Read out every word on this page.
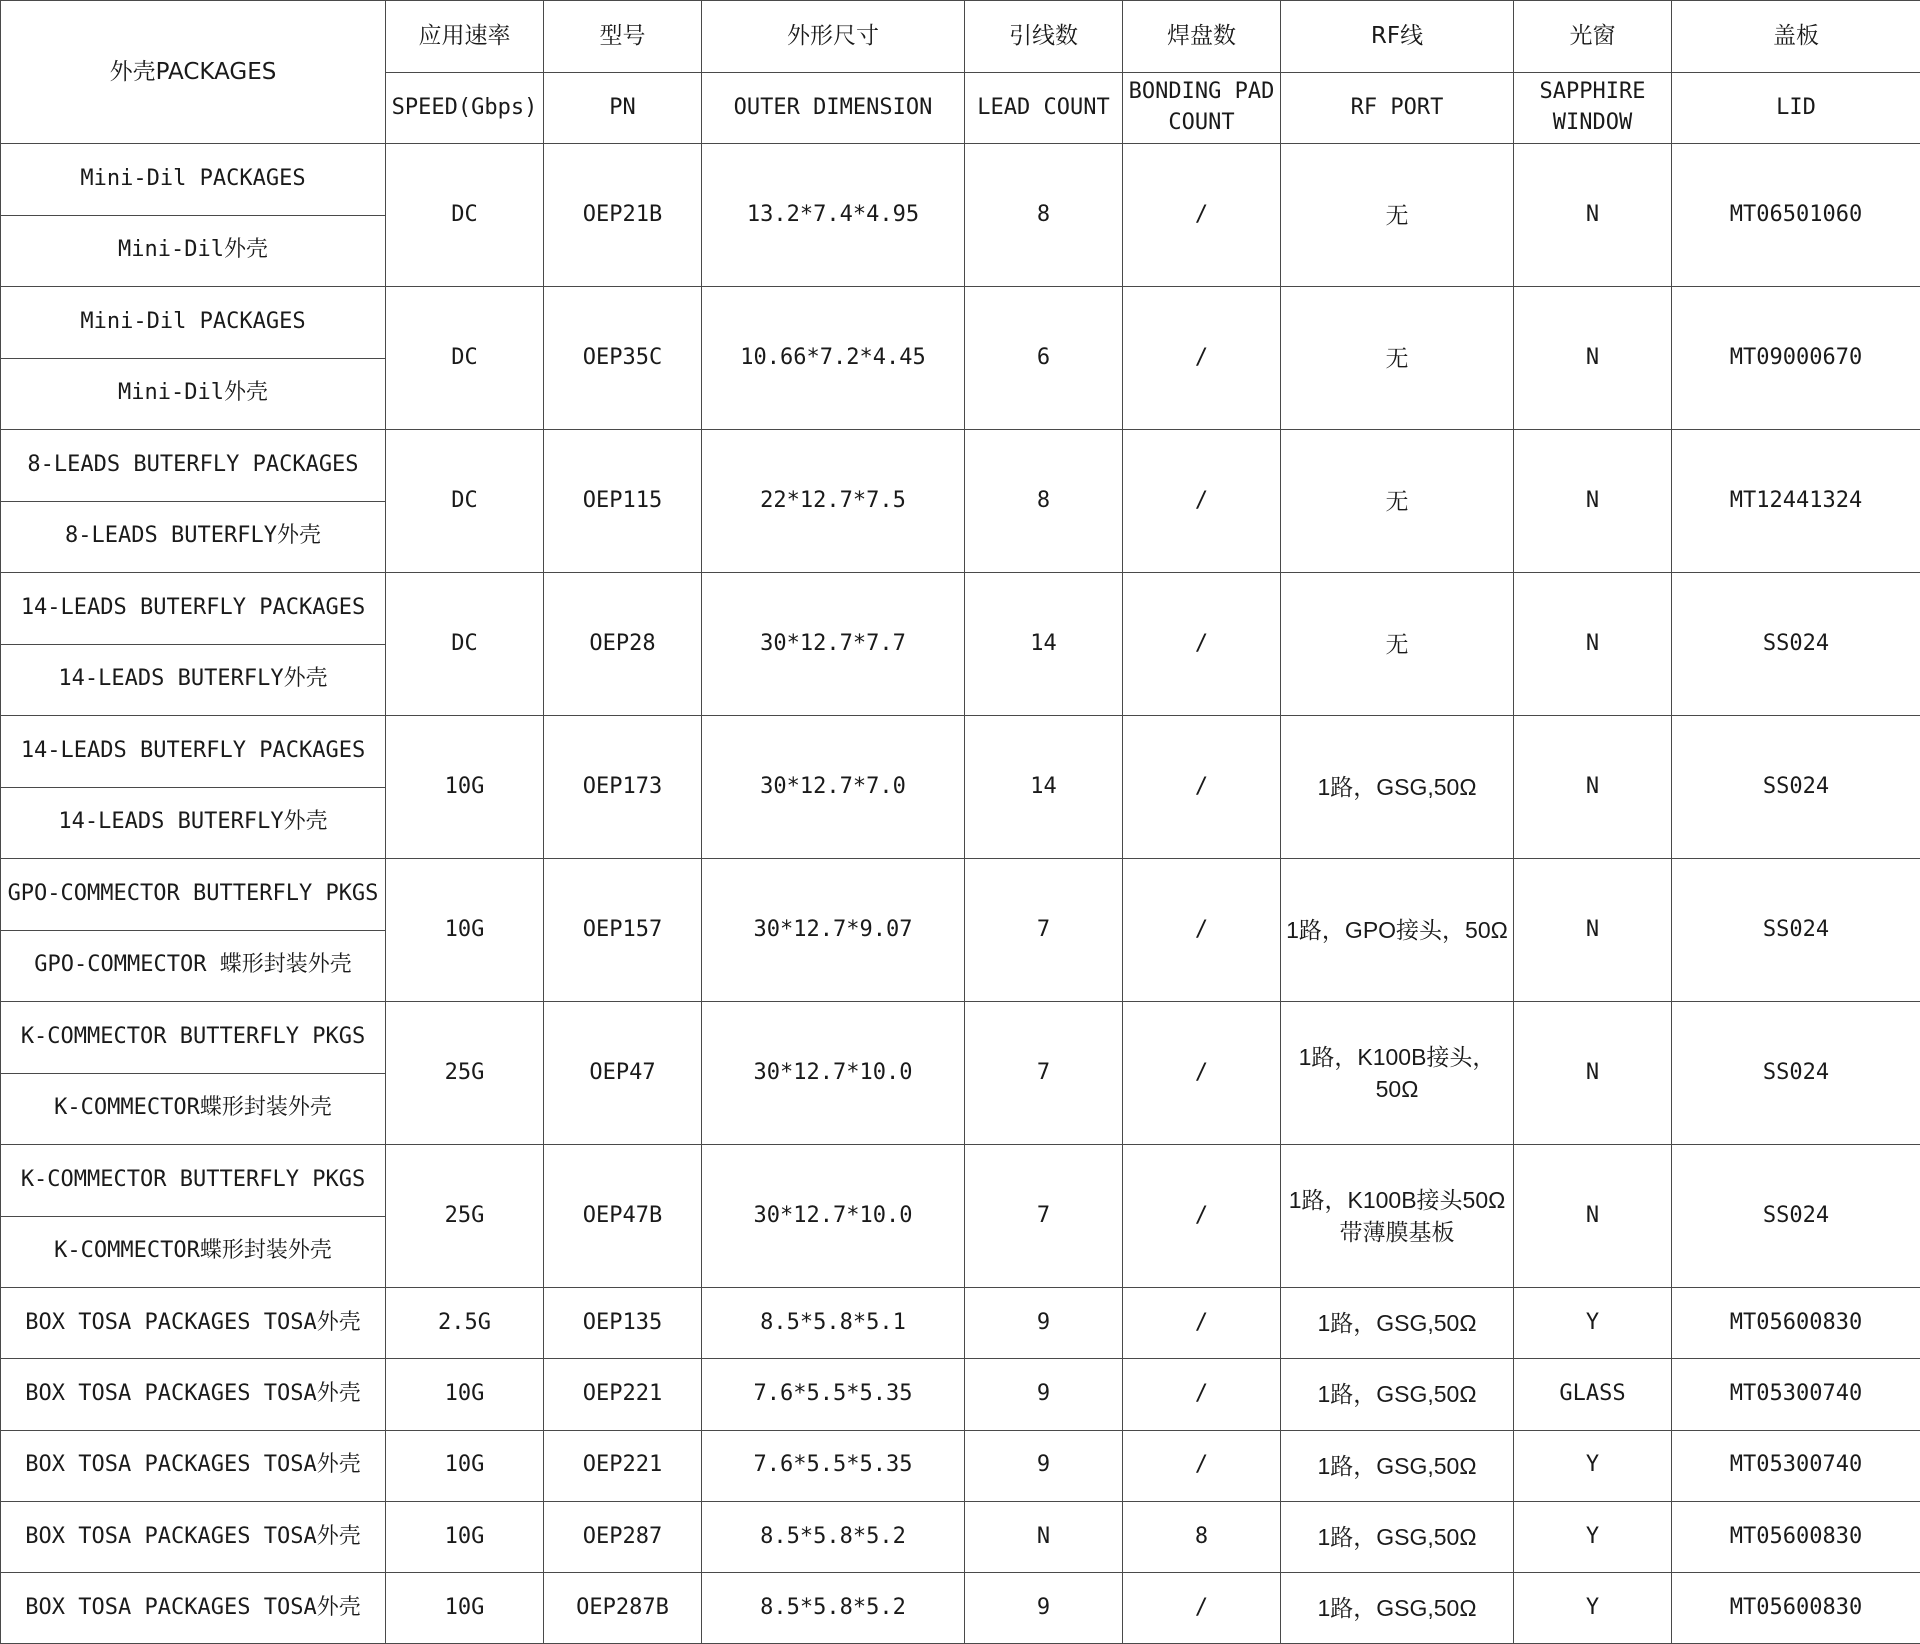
外壳PACKAGES	应用速率	型号	外形尺寸	引线数	焊盘数	RF线	光窗	盖板
	SPEED(Gbps)	PN	OUTER DIMENSION	LEAD COUNT	BONDING PAD COUNT	RF PORT	SAPPHIRE WINDOW	LID
Mini-Dil PACKAGES	DC	OEP21B	13.2*7.4*4.95	8	/	无	N	MT06501060
Mini-Dil外壳								
Mini-Dil PACKAGES	DC	OEP35C	10.66*7.2*4.45	6	/	无	N	MT09000670
Mini-Dil外壳								
8-LEADS BUTERFLY PACKAGES	DC	OEP115	22*12.7*7.5	8	/	无	N	MT12441324
8-LEADS BUTERFLY外壳								
14-LEADS BUTERFLY PACKAGES	DC	OEP28	30*12.7*7.7	14	/	无	N	SS024
14-LEADS BUTERFLY外壳								
14-LEADS BUTERFLY PACKAGES	10G	OEP173	30*12.7*7.0	14	/	1路，GSG,50Ω	N	SS024
14-LEADS BUTERFLY外壳								
GPO-COMMECTOR BUTTERFLY PKGS	10G	OEP157	30*12.7*9.07	7	/	1路，GPO接头，50Ω	N	SS024
GPO-COMMECTOR 蝶形封装外壳								
K-COMMECTOR BUTTERFLY PKGS	25G	OEP47	30*12.7*10.0	7	/	1路，K100B接头，50Ω	N	SS024
K-COMMECTOR蝶形封装外壳								
K-COMMECTOR BUTTERFLY PKGS	25G	OEP47B	30*12.7*10.0	7	/	1路，K100B接头50Ω带薄膜基板	N	SS024
K-COMMECTOR蝶形封装外壳								
BOX TOSA PACKAGES TOSA外壳	2.5G	OEP135	8.5*5.8*5.1	9	/	1路，GSG,50Ω	Y	MT05600830
BOX TOSA PACKAGES TOSA外壳	10G	OEP221	7.6*5.5*5.35	9	/	1路，GSG,50Ω	GLASS	MT05300740
BOX TOSA PACKAGES TOSA外壳	10G	OEP221	7.6*5.5*5.35	9	/	1路，GSG,50Ω	Y	MT05300740
BOX TOSA PACKAGES TOSA外壳	10G	OEP287	8.5*5.8*5.2	N	8	1路，GSG,50Ω	Y	MT05600830
BOX TOSA PACKAGES TOSA外壳	10G	OEP287B	8.5*5.8*5.2	9	/	1路，GSG,50Ω	Y	MT05600830
